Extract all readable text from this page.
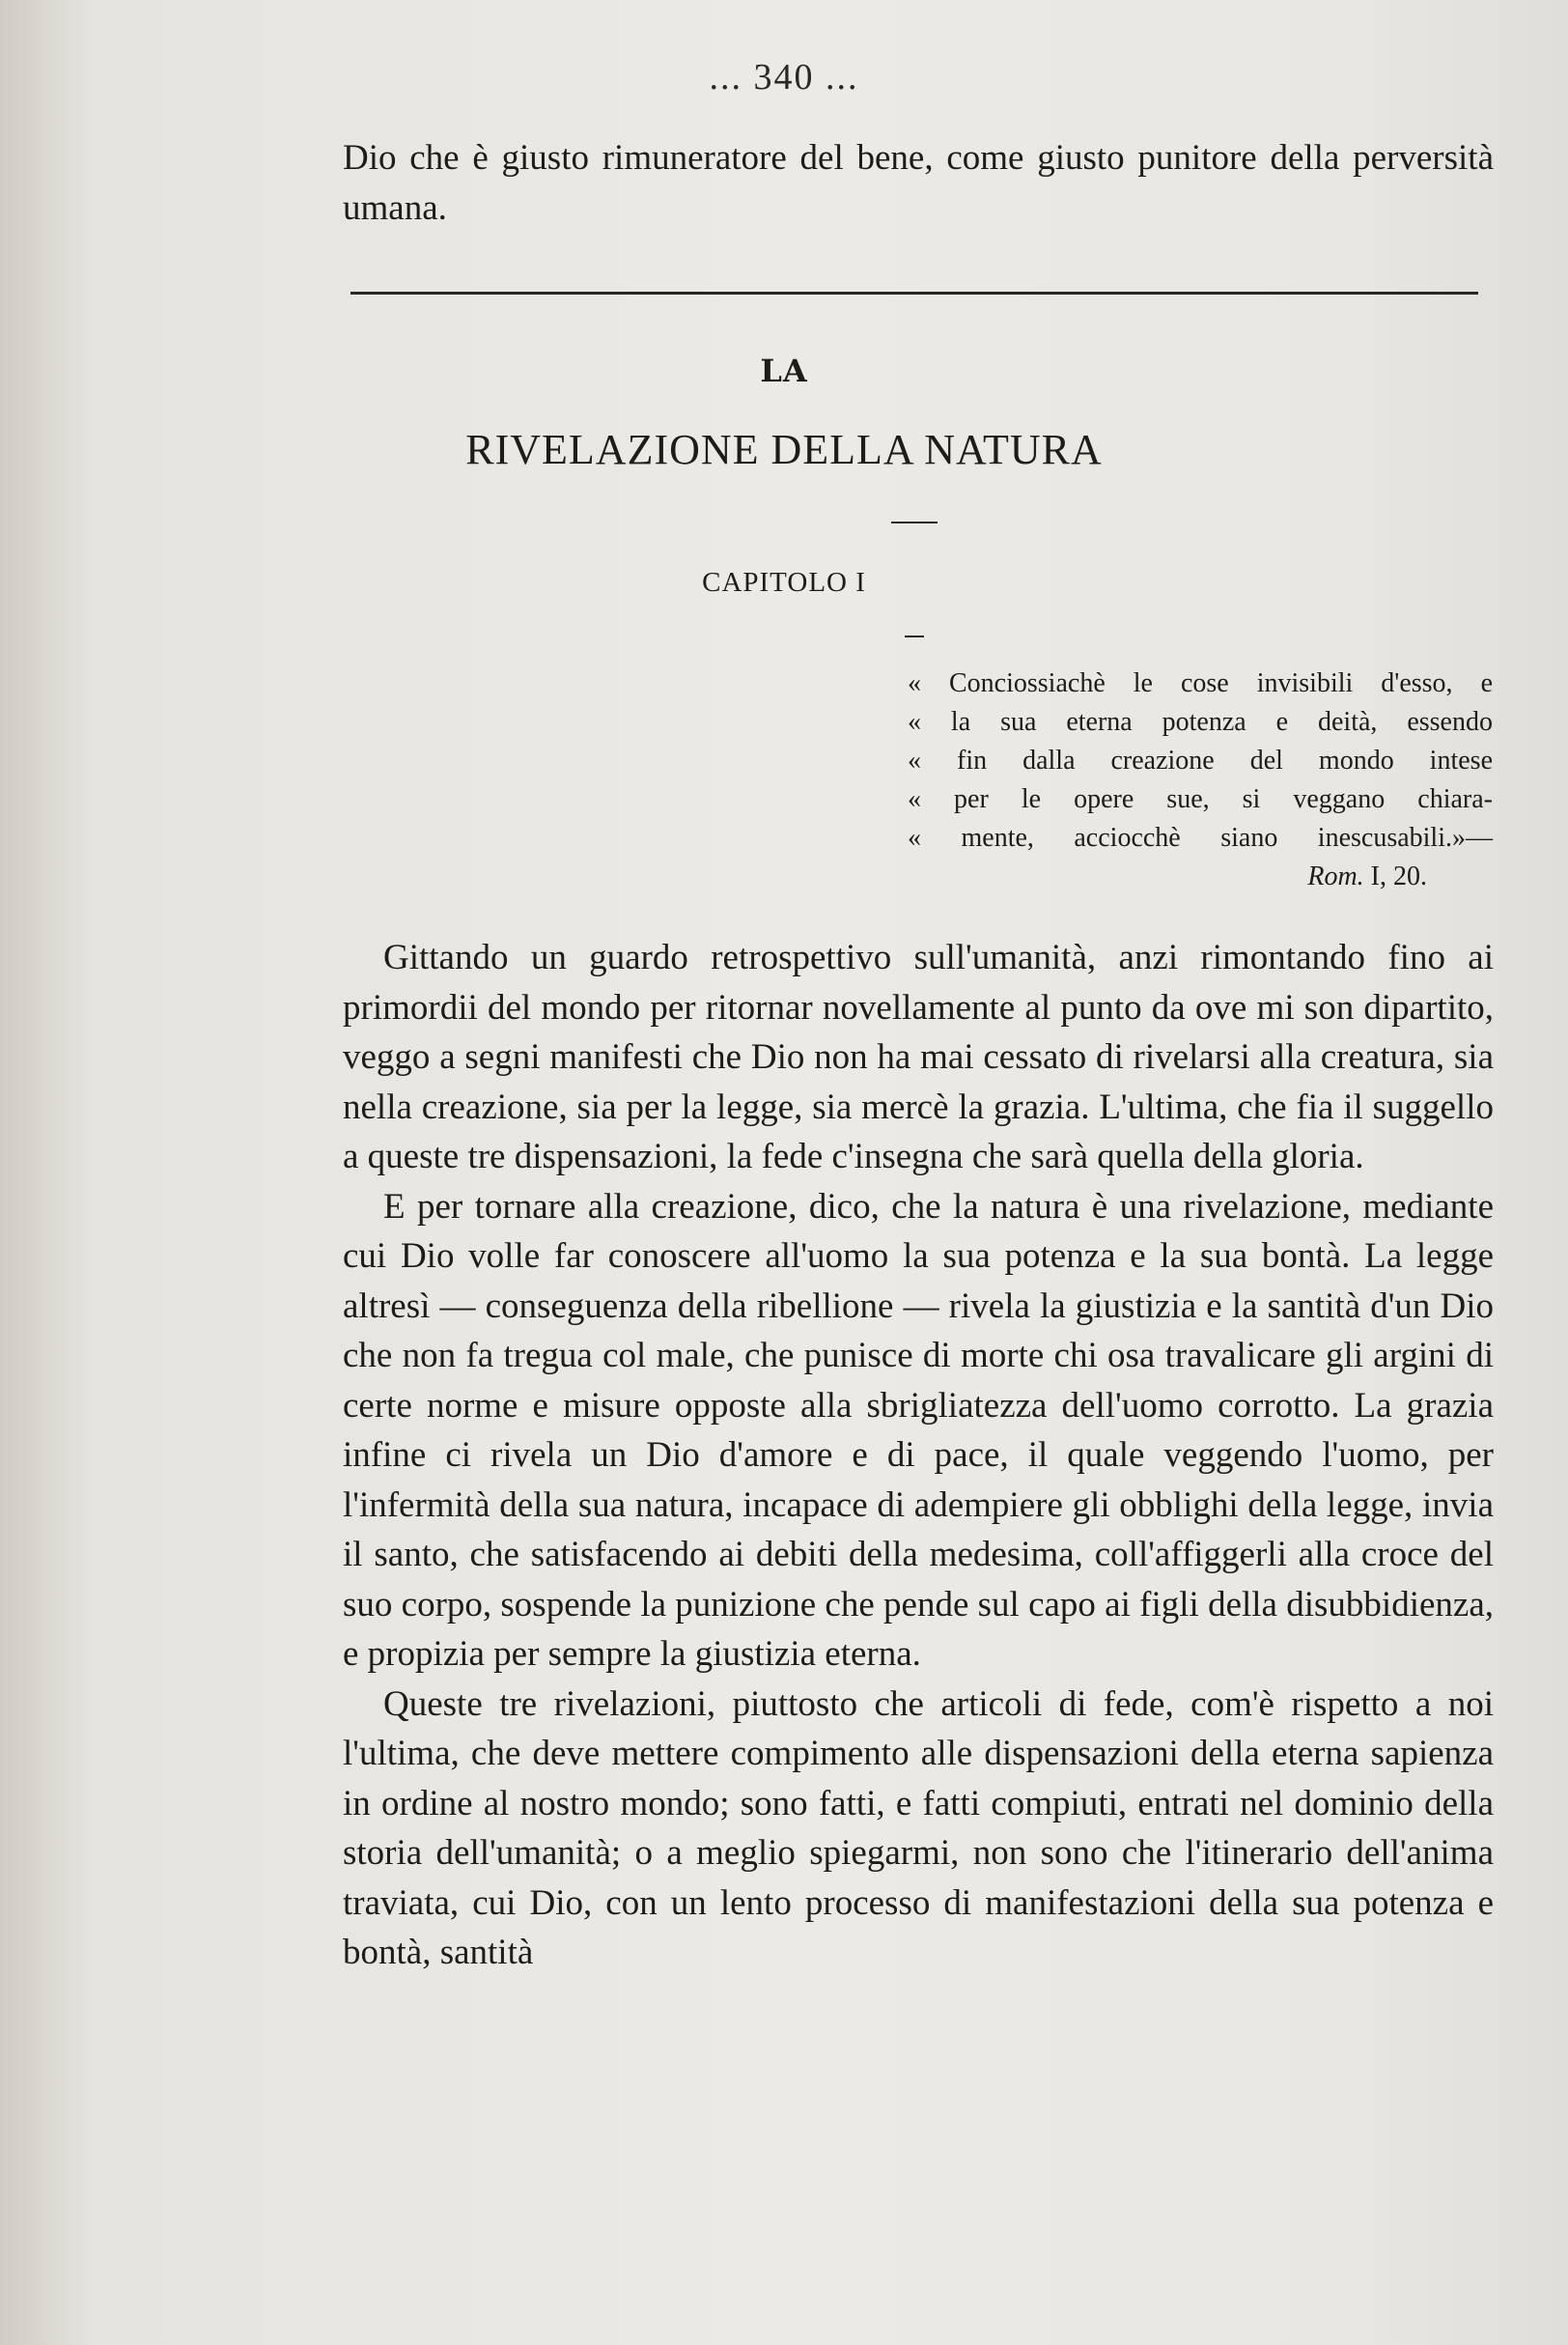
... 340 ...
Dio che è giusto rimuneratore del bene, come giusto punitore della perversità umana.
LA
RIVELAZIONE DELLA NATURA
CAPITOLO I
« Conciossiachè le cose invisibili d'esso, e
« la sua eterna potenza e deità, essendo
« fin dalla creazione del mondo intese
« per le opere sue, si veggano chiara-
« mente, acciocchè siano inescusabili.»—
Rom. I, 20.

Gittando un guardo retrospettivo sull'umanità, anzi rimontando fino ai primordii del mondo per ritornar novellamente al punto da ove mi son dipartito, veggo a segni manifesti che Dio non ha mai cessato di rivelarsi alla creatura, sia nella creazione, sia per la legge, sia mercè la grazia. L'ultima, che fia il suggello a queste tre dispensazioni, la fede c'insegna che sarà quella della gloria.

E per tornare alla creazione, dico, che la natura è una rivelazione, mediante cui Dio volle far conoscere all'uomo la sua potenza e la sua bontà. La legge altresì — conseguenza della ribellione — rivela la giustizia e la santità d'un Dio che non fa tregua col male, che punisce di morte chi osa travalicare gli argini di certe norme e misure opposte alla sbrigliatezza dell'uomo corrotto. La grazia infine ci rivela un Dio d'amore e di pace, il quale veggendo l'uomo, per l'infermità della sua natura, incapace di adempiere gli obblighi della legge, invia il santo, che satisfacendo ai debiti della medesima, coll'affiggerli alla croce del suo corpo, sospende la punizione che pende sul capo ai figli della disubbidienza, e propizia per sempre la giustizia eterna.

Queste tre rivelazioni, piuttosto che articoli di fede, com'è rispetto a noi l'ultima, che deve mettere compimento alle dispensazioni della eterna sapienza in ordine al nostro mondo; sono fatti, e fatti compiuti, entrati nel dominio della storia dell'umanità; o a meglio spiegarmi, non sono che l'itinerario dell'anima traviata, cui Dio, con un lento processo di manifestazioni della sua potenza e bontà, santità
